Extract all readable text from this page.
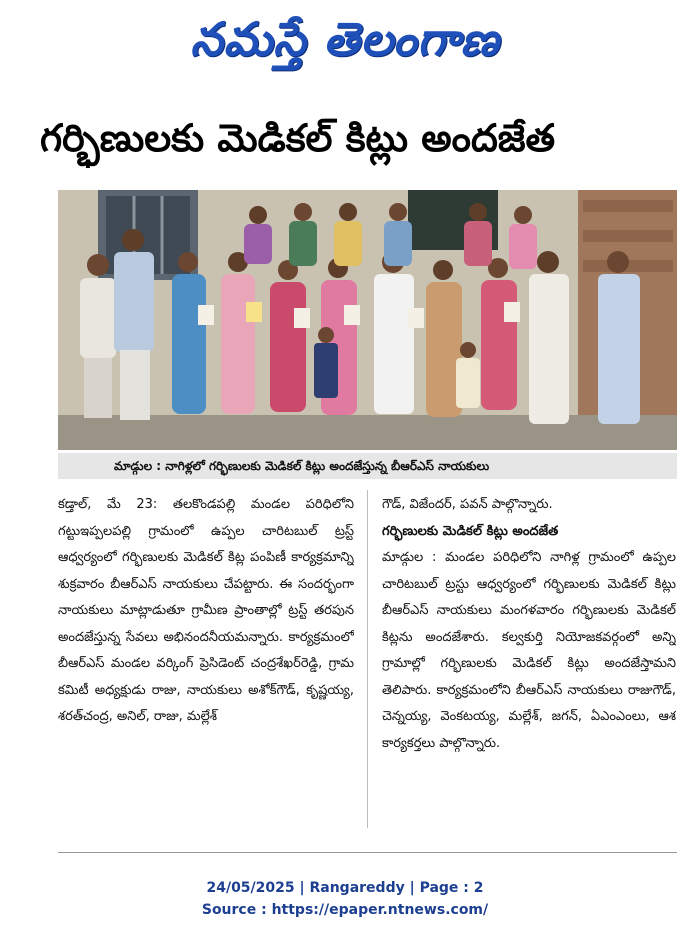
నమస్తే తెలంగాణ
గర్భిణులకు మెడికల్ కిట్లు అందజేత
మాడ్గుల : నాగిళ్లలో గర్భిణులకు మెడికల్ కిట్లు అందజేస్తున్న బీఆర్ఎస్ నాయకులు
కడ్తాల్, మే 23: తలకొండపల్లి మండల పరిధిలోని గట్టుఇప్పలపల్లి గ్రామంలో ఉప్పల చారిటబుల్ ట్రస్ట్ ఆధ్వర్యంలో గర్భిణులకు మెడికల్ కిట్ల పంపిణీ కార్యక్రమాన్ని శుక్రవారం బీఆర్ఎస్ నాయకులు చేపట్టారు. ఈ సందర్భంగా నాయకులు మాట్లాడుతూ గ్రామీణ ప్రాంతాల్లో ట్రస్ట్ తరపున అందజేస్తున్న సేవలు అభినందనీయమన్నారు. కార్యక్రమంలో బీఆర్ఎస్ మండల వర్కింగ్ ప్రెసిడెంట్ చంద్రశేఖర్‌రెడ్డి, గ్రామ కమిటీ అధ్యక్షుడు రాజు, నాయకులు అశోక్‌గౌడ్, కృష్ణయ్య, శరత్‌చంద్ర, అనిల్, రాజు, మల్లేశ్
గౌడ్, విజేందర్, పవన్ పాల్గొన్నారు.
గర్భిణులకు మెడికల్ కిట్లు అందజేత
మాడ్గుల : మండల పరిధిలోని నాగిళ్ల గ్రామంలో ఉప్పల చారిటబుల్ ట్రస్టు ఆధ్వర్యంలో గర్భిణులకు మెడికల్ కిట్లు బీఆర్ఎస్ నాయకులు మంగళవారం గర్భిణులకు మెడికల్ కిట్లను అందజేశారు. కల్వకుర్తి నియోజకవర్గంలో అన్ని గ్రామాల్లో గర్భిణులకు మెడికల్ కిట్లు అందజేస్తామని తెలిపారు. కార్యక్రమంలోని బీఆర్ఎస్ నాయకులు రాజుగౌడ్, చెన్నయ్య, వెంకటయ్య, మల్లేశ్, జగన్, ఏఎంఎంలు, ఆశ కార్యకర్తలు పాల్గొన్నారు.
24/05/2025 | Rangareddy | Page : 2
Source : https://epaper.ntnews.com/
